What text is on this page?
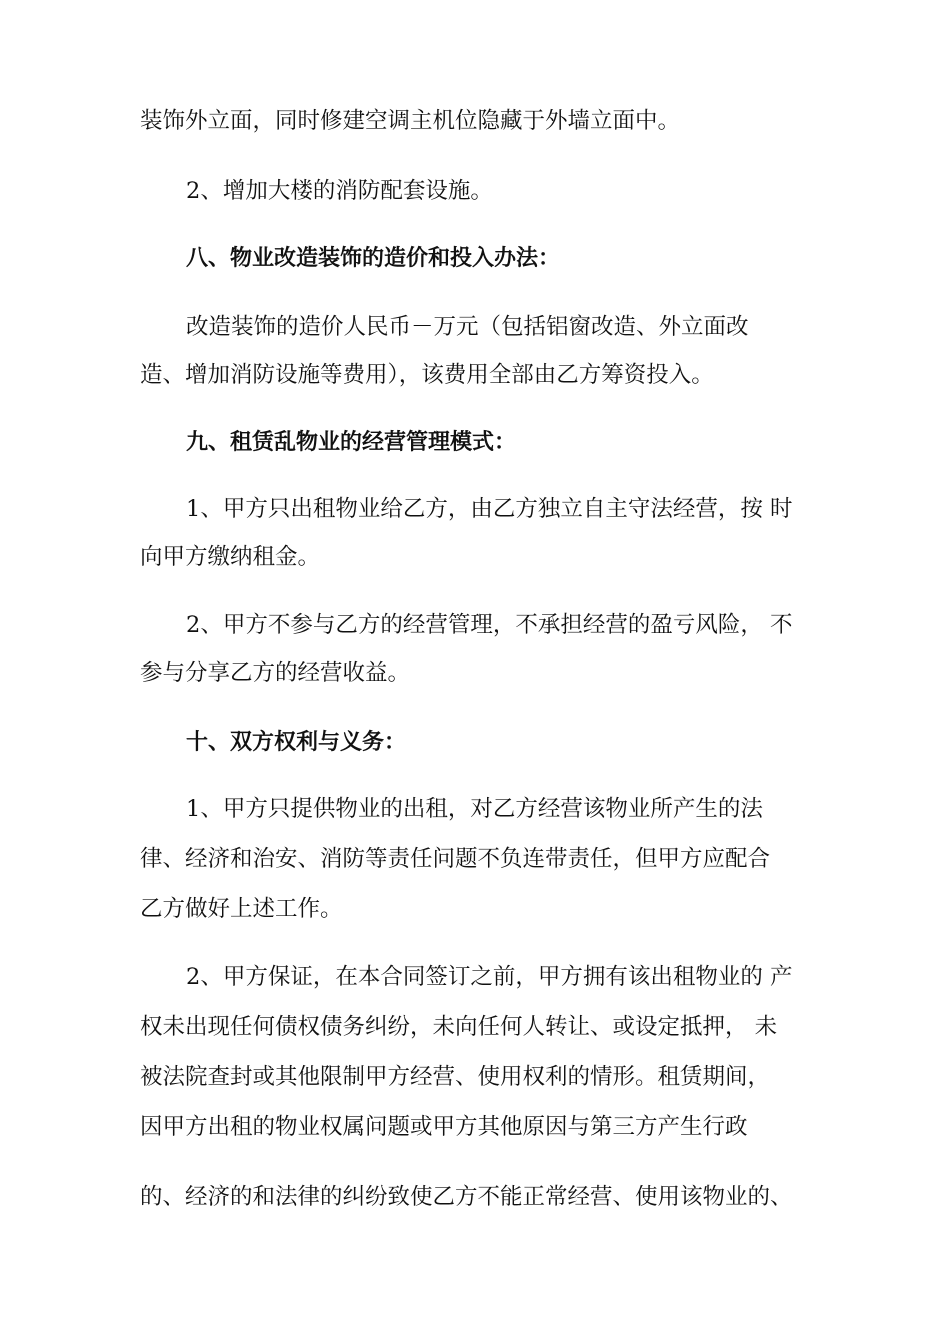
装饰外立面，同时修建空调主机位隐藏于外墙立面中。
2、增加大楼的消防配套设施。
八、物业改造装饰的造价和投入办法：
改造装饰的造价人民币－万元（包括铝窗改造、外立面改
造、增加消防设施等费用），该费用全部由乙方筹资投入。
九、租赁乱物业的经营管理模式：
1、甲方只出租物业给乙方，由乙方独立自主守法经营，按 时
向甲方缴纳租金。
2、甲方不参与乙方的经营管理，不承担经营的盈亏风险， 不
参与分享乙方的经营收益。
十、双方权利与义务：
1、甲方只提供物业的出租，对乙方经营该物业所产生的法
律、经济和治安、消防等责任问题不负连带责任，但甲方应配合
乙方做好上述工作。
2、甲方保证，在本合同签订之前，甲方拥有该出租物业的 产
权未出现任何债权债务纠纷，未向任何人转让、或设定抵押， 未
被法院查封或其他限制甲方经营、使用权利的情形。租赁期间，
因甲方出租的物业权属问题或甲方其他原因与第三方产生行政
的、经济的和法律的纠纷致使乙方不能正常经营、使用该物业的、
